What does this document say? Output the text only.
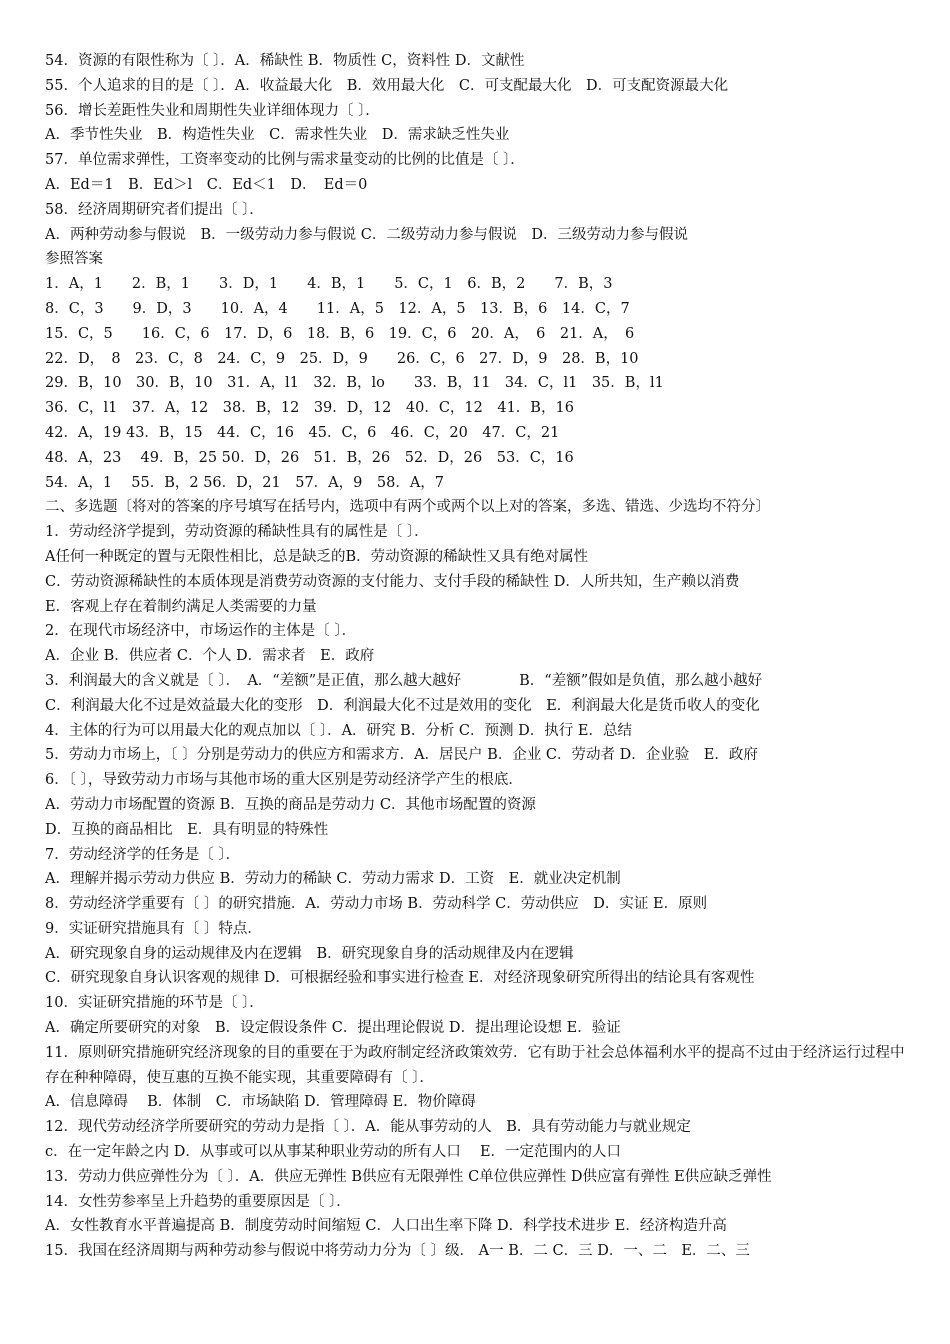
54．资源的有限性称为〔 〕．A．稀缺性 B．物质性 C，资料性 D．文献性
55．个人追求的目的是〔 〕．A．收益最大化　B．效用最大化　C．可支配最大化　D．可支配资源最大化
56．增长差距性失业和周期性失业详细体现力〔 〕．
A．季节性失业　B．构造性失业　C．需求性失业　D．需求缺乏性失业
57．单位需求弹性，工资率变动的比例与需求量变动的比例的比值是〔 〕．
A．Ed＝1　B．Ed＞l　C．Ed＜1　D．　Ed＝0
58．经济周期研究者们提出〔 〕．
A．两种劳动参与假说　B．一级劳动力参与假说 C．二级劳动力参与假说　D．三级劳动力参与假说
参照答案
1．A，1　　2．B，1　　3．D，1　　4．B，1　　5．C，1　6．B，2　　7．B，3
8．C，3　　9．D，3　　10．A，4　　11．A，5　12．A，5　13．B，6　14．C，7
15．C，5　　16．C，6　17．D，6　18．B，6　19．C，6　20．A，　6　21．A，　6
22．D，　8　23．C，8　24．C，9　25．D，9　　26．C，6　27．D，9　28．B，10
29．B，10　30．B，10　31．A，l1　32．B，lo　　33．B，11　34．C，l1　35．B，l1
36．C，l1　37．A，12　38．B，12　39．D，12　40．C，12　41．B，16
42．A，19 43．B，15　44．C，16　45．C，6　46．C，20　47．C，21
48．A，23　 49．B，25 50．D，26　51．B，26　52．D，26　53．C，16
54．A，1　 55．B，2 56．D，21　57．A，9　58．A，7
二、多选题〔将对的答案的序号填写在括号内，选项中有两个或两个以上对的答案，多选、错选、少选均不符分〕
1．劳动经济学提到，劳动资源的稀缺性具有的属性是〔 〕．
A任何一种既定的置与无限性相比，总是缺乏的B．劳动资源的稀缺性又具有绝对属性
C．劳动资源稀缺性的本质体现是消费劳动资源的支付能力、支付手段的稀缺性 D．人所共知，生产赖以消费
E．客观上存在着制约满足人类需要的力量
2．在现代市场经济中，市场运作的主体是〔 〕．
A．企业 B．供应者 C．个人 D．需求者　E．政府
3．利润最大的含义就是〔 〕．　A．“差额”是正值，那么越大越好　　　　B．“差额”假如是负值，那么越小越好
C．利润最大化不过是效益最大化的变形　D．利润最大化不过是效用的变化　E．利润最大化是货币收人的变化
4．主体的行为可以用最大化的观点加以〔 〕．A．研究 B．分析 C．预测 D．执行 E．总结
5．劳动力市场上，〔 〕分别是劳动力的供应方和需求方．A．居民户 B．企业 C．劳动者 D．企业验　E．政府
6．〔 〕，导致劳动力市场与其他市场的重大区别是劳动经济学产生的根底．
A．劳动力市场配置的资源 B．互换的商品是劳动力 C．其他市场配置的资源
D．互换的商品相比　E．具有明显的特殊性
7．劳动经济学的任务是〔 〕．
A．理解并揭示劳动力供应 B．劳动力的稀缺 C．劳动力需求 D．工资　E．就业决定机制
8．劳动经济学重要有〔 〕的研究措施．A．劳动力市场 B．劳动科学 C．劳动供应　D．实证 E．原则
9．实证研究措施具有〔 〕特点．
A．研究现象自身的运动规律及内在逻辑　B．研究现象自身的活动规律及内在逻辑
C．研究现象自身认识客观的规律 D．可根据经验和事实进行检查 E．对经济现象研究所得出的结论具有客观性
10．实证研究措施的环节是〔 〕．
A．确定所要研究的对象　B．设定假设条件 C．提出理论假说 D．提出理论设想 E．验证
11．原则研究措施研究经济现象的目的重要在于为政府制定经济政策效劳．它有助于社会总体福利水平的提高不过由于经济运行过程中存在种种障碍，使互惠的互换不能实现，其重要障碍有〔 〕．
A．信息障碍　 B．体制　C．市场缺陷 D．管理障碍 E．物价障碍
12．现代劳动经济学所要研究的劳动力是指〔 〕．A．能从事劳动的人　B．具有劳动能力与就业规定
c．在一定年龄之内 D．从事或可以从事某种职业劳动的所有人口　 E．一定范围内的人口
13．劳动力供应弹性分为〔 〕．A．供应无弹性 B供应有无限弹性 C单位供应弹性 D供应富有弹性 E供应缺乏弹性
14．女性劳参率呈上升趋势的重要原因是〔 〕．
A．女性教育水平普遍提高 B．制度劳动时间缩短 C．人口出生率下降 D．科学技术进步 E．经济构造升高
15．我国在经济周期与两种劳动参与假说中将劳动力分为〔 〕级． A一 B．二 C．三 D．一、二　E．二、三
